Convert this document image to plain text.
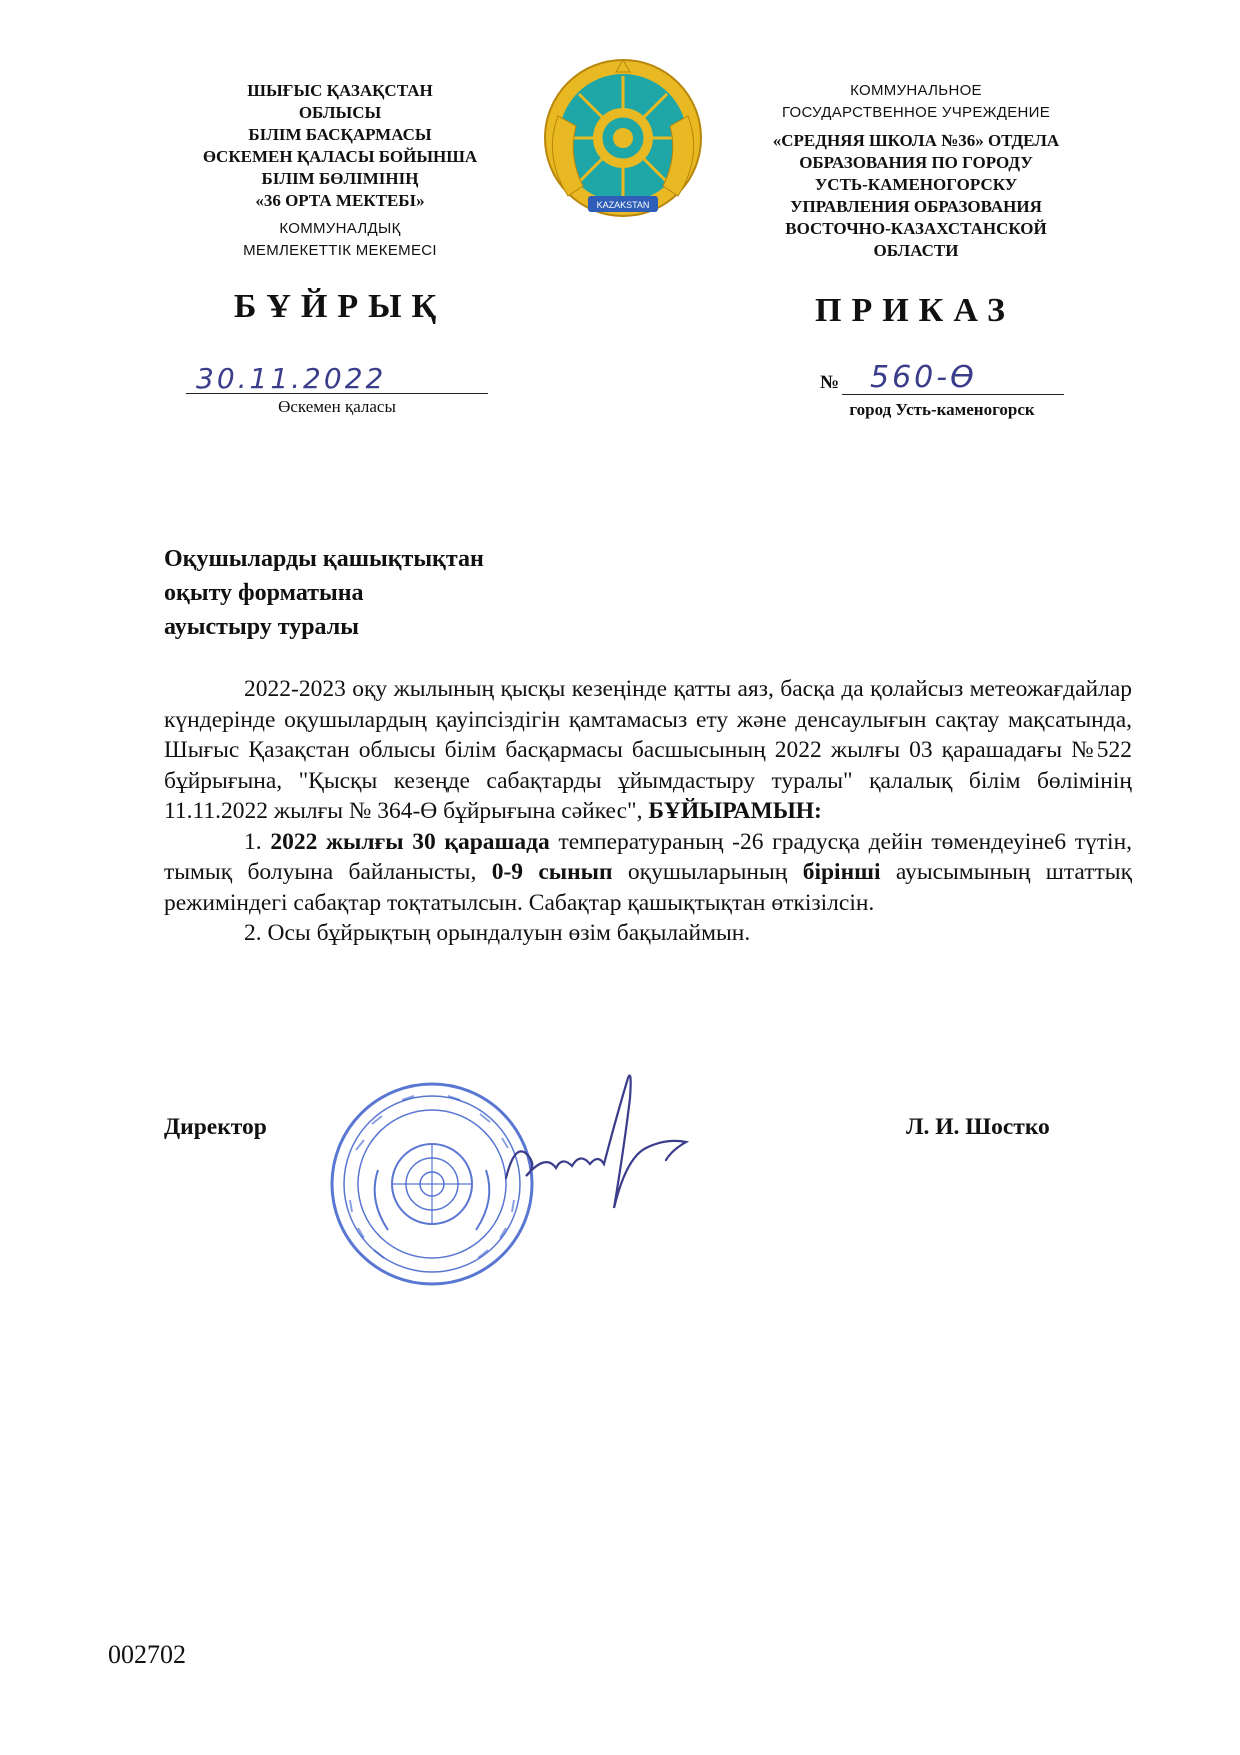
ШЫҒЫС ҚАЗАҚСТАН
ОБЛЫСЫ
БІЛІМ БАСҚАРМАСЫ
ӨСКЕМЕН ҚАЛАСЫ БОЙЫНША
БІЛІМ БӨЛІМІНІҢ
«36 ОРТА МЕКТЕБІ»
КОММУНАЛДЫҚ
МЕМЛЕКЕТТІК МЕКЕМЕСІ
БҰЙРЫҚ
30.11.2022
Өскемен қаласы
KAZAKSTAN
КОММУНАЛЬНОЕ
ГОСУДАРСТВЕННОЕ УЧРЕЖДЕНИЕ
«СРЕДНЯЯ ШКОЛА №36» ОТДЕЛА
ОБРАЗОВАНИЯ ПО ГОРОДУ
УСТЬ-КАМЕНОГОРСКУ
УПРАВЛЕНИЯ ОБРАЗОВАНИЯ
ВОСТОЧНО-КАЗАХСТАНСКОЙ
ОБЛАСТИ
ПРИКАЗ
№ 560-Ө
город Усть-каменогорск
Оқушыларды қашықтықтан
оқыту форматына
ауыстыру туралы

2022-2023 оқу жылының қысқы кезеңінде қатты аяз, басқа да қолайсыз метеожағдайлар күндерінде оқушылардың қауіпсіздігін қамтамасыз ету және денсаулығын сақтау мақсатында, Шығыс Қазақстан облысы білім басқармасы басшысының 2022 жылғы 03 қарашадағы №522 бұйрығына, "Қысқы кезеңде сабақтарды ұйымдастыру туралы" қалалық білім бөлімінің 11.11.2022 жылғы № 364-Ө бұйрығына сәйкес", БҰЙЫРАМЫН:

1. 2022 жылғы 30 қарашада температураның -26 градусқа дейін төмендеуіне6 түтін, тымық болуына байланысты, 0-9 сынып оқушыларының бірінші ауысымының штаттық режиміндегі сабақтар тоқтатылсын. Сабақтар қашықтықтан өткізілсін.

2. Осы бұйрықтың орындалуын өзім бақылаймын.

Директор	Л. И. Шостко
002702
